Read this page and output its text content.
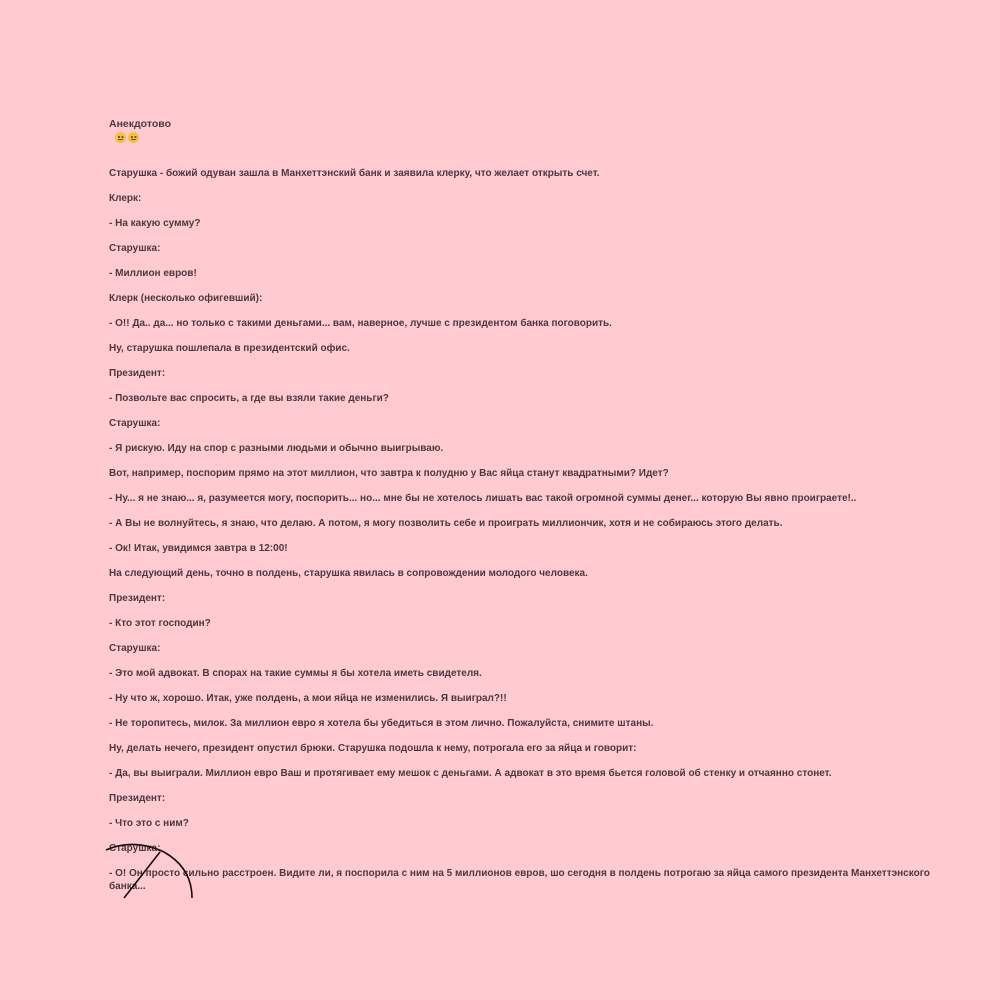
Анекдотово

Старушка - божий одуван зашла в Манхеттэнский банк и заявила клерку, что желает открыть счет.

Клерк:

- На какую сумму?

Старушка:

- Миллион евров!

Клерк (несколько офигевший):

- О!! Да.. да... но только с такими деньгами... вам, наверное, лучше с президентом банка поговорить.

Ну, старушка пошлепала в президентский офис.

Президент:

- Позвольте вас спросить, а где вы взяли такие деньги?

Старушка:

- Я рискую. Иду на спор с разными людьми и обычно выигрываю.

Вот, например, поспорим прямо на этот миллион, что завтра к полудню у Вас яйца станут квадратными? Идет?

- Ну... я не знаю... я, разумеется могу, поспорить... но... мне бы не хотелось лишать вас такой огромной суммы денег... которую Вы явно проиграете!..

- А Вы не волнуйтесь, я знаю, что делаю. А потом, я могу позволить себе и проиграть миллиончик, хотя и не собираюсь этого делать.

- Ок! Итак, увидимся завтра в 12:00!

На следующий день, точно в полдень, старушка явилась в сопровождении молодого человека.

Президент:

- Кто этот господин?

Старушка:

- Это мой адвокат. В спорах на такие суммы я бы хотела иметь свидетеля.

- Ну что ж, хорошо. Итак, уже полдень, а мои яйца не изменились. Я выиграл?!!

- Не торопитесь, милок. За миллион евро я хотела бы убедиться в этом лично. Пожалуйста, снимите штаны.

Ну, делать нечего, президент опустил брюки. Старушка подошла к нему, потрогала его за яйца и говорит:

- Да, вы выиграли. Миллион евро Ваш и протягивает ему мешок с деньгами. А адвокат в это время бьется головой об стенку и отчаянно стонет.

Президент:

- Что это с ним?

Старушка:

- О! Он просто сильно расстроен. Видите ли, я поспорила с ним на 5 миллионов евров, шо сегодня в полдень потрогаю за яйца самого президента Манхеттэнского банка...
